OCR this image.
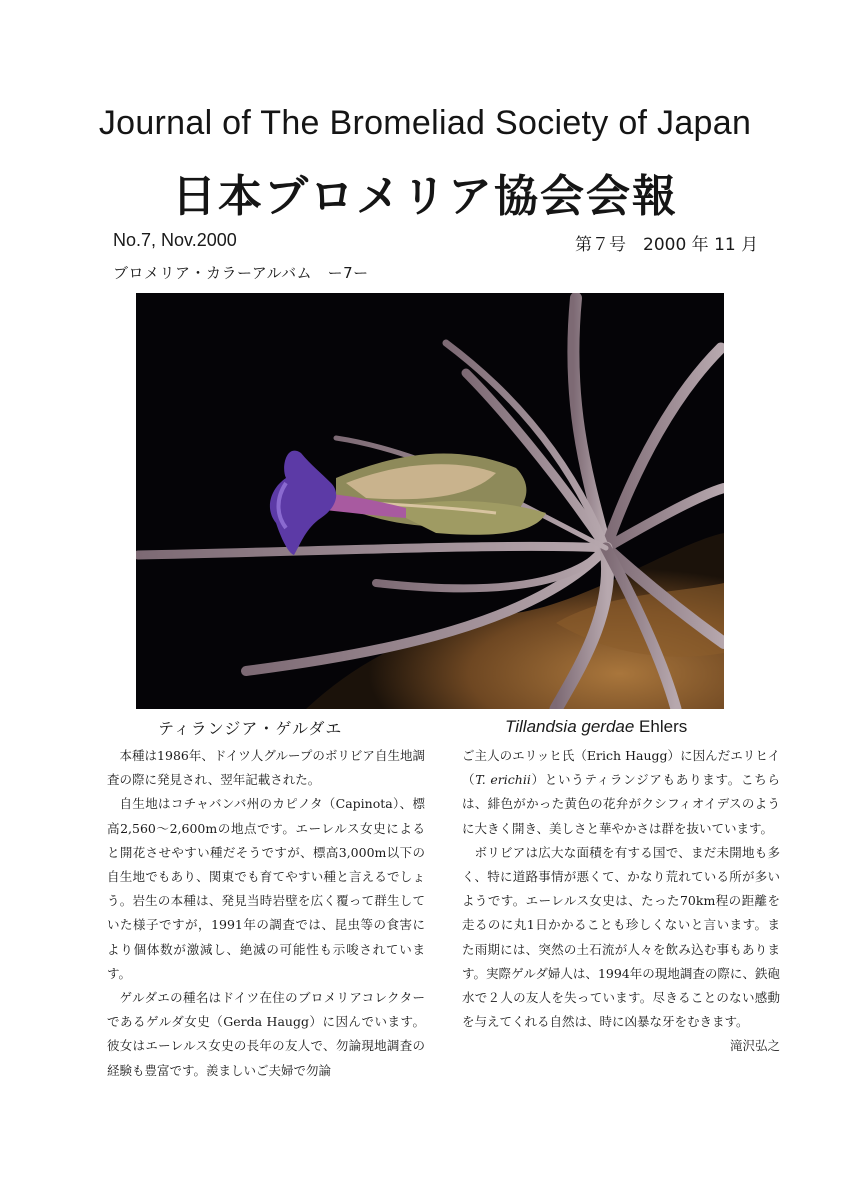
Journal of The Bromeliad Society of Japan
日本ブロメリア協会会報
No.7, Nov.2000	第７号　2000 年 11 月
ブロメリア・カラーアルバム　ー7ー
ティランジア・ゲルダエ	Tillandsia gerdae Ehlers

本種は1986年、ドイツ人グループのボリビア自生地調査の際に発見され、翌年記載された。

自生地はコチャバンバ州のカピノタ（Capinota）、標高2,560～2,600mの地点です。エーレルス女史によると開花させやすい種だそうですが、標高3,000m以下の自生地でもあり、関東でも育てやすい種と言えるでしょう。岩生の本種は、発見当時岩壁を広く覆って群生していた様子ですが，1991年の調査では、昆虫等の食害により個体数が激減し、絶滅の可能性も示唆されています。

ゲルダエの種名はドイツ在住のブロメリアコレクターであるゲルダ女史（Gerda Haugg）に因んでいます。彼女はエーレルス女史の長年の友人で、勿論現地調査の経験も豊富です。羨ましいご夫婦で勿論

ご主人のエリッヒ氏（Erich Haugg）に因んだエリヒイ（T. erichii）というティランジアもあります。こちらは、緋色がかった黄色の花弁がクシフィオイデスのように大きく開き、美しさと華やかさは群を抜いています。

ボリビアは広大な面積を有する国で、まだ未開地も多く、特に道路事情が悪くて、かなり荒れている所が多いようです。エーレルス女史は、たった70km程の距離を走るのに丸1日かかることも珍しくないと言います。また雨期には、突然の土石流が人々を飲み込む事もあります。実際ゲルダ婦人は、1994年の現地調査の際に、鉄砲水で２人の友人を失っています。尽きることのない感動を与えてくれる自然は、時に凶暴な牙をむきます。
滝沢弘之
